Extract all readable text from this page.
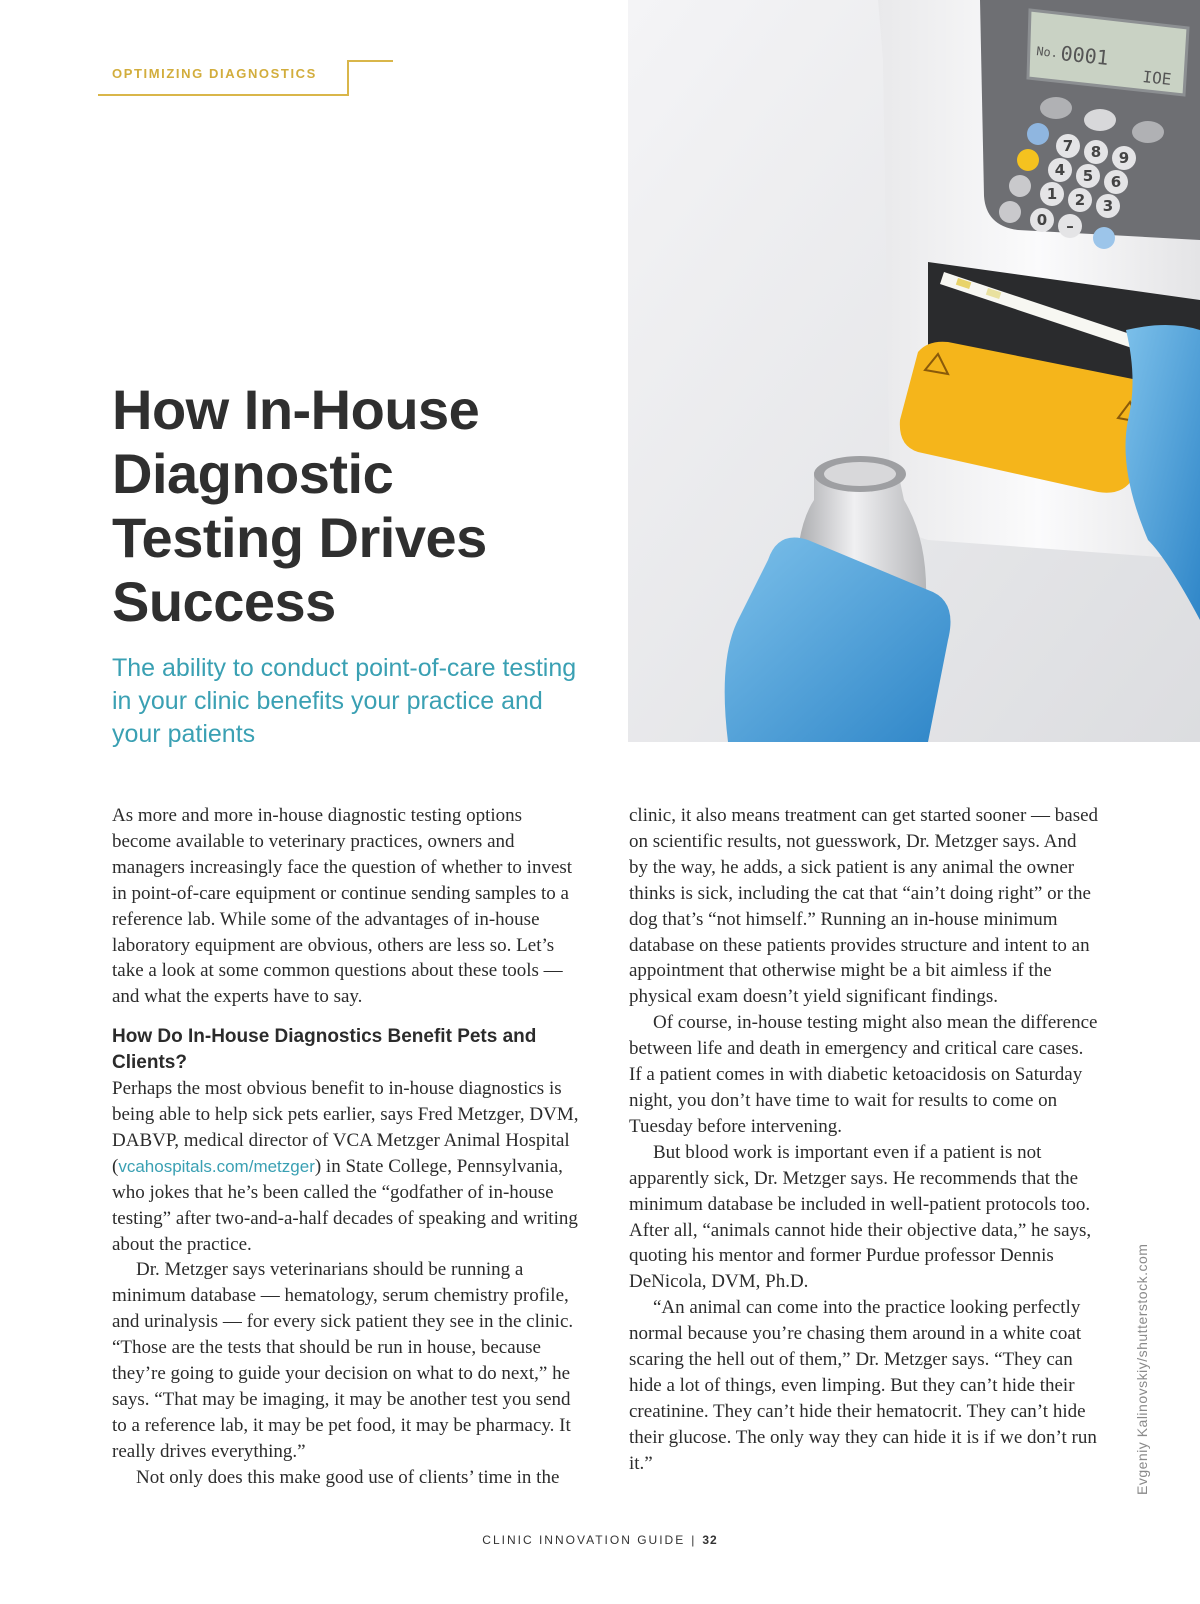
OPTIMIZING DIAGNOSTICS
No. 0001
IOE
7 8 9
4 5 6
1 2 3
0 –
How In-House Diagnostic Testing Drives Success

The ability to conduct point-of-care testing in your clinic benefits your practice and your patients

As more and more in-house diagnostic testing options become available to veterinary practices, owners and managers increasingly face the question of whether to invest in point-of-care equipment or continue sending samples to a reference lab. While some of the advantages of in-house laboratory equipment are obvious, others are less so. Let’s take a look at some common questions about these tools — and what the experts have to say.

How Do In-House Diagnostics Benefit Pets and Clients?

Perhaps the most obvious benefit to in-house diagnostics is being able to help sick pets earlier, says Fred Metzger, DVM, DABVP, medical director of VCA Metzger Animal Hospital (vcahospitals.com/metzger) in State College, Pennsylvania, who jokes that he’s been called the “godfather of in-house testing” after two-and-a-half decades of speaking and writing about the practice.

Dr. Metzger says veterinarians should be running a minimum database — hematology, serum chemistry profile, and urinalysis — for every sick patient they see in the clinic. “Those are the tests that should be run in house, because they’re going to guide your decision on what to do next,” he says. “That may be imaging, it may be another test you send to a reference lab, it may be pet food, it may be pharmacy. It really drives everything.”

Not only does this make good use of clients’ time in the

clinic, it also means treatment can get started sooner — based on scientific results, not guesswork, Dr. Metzger says. And by the way, he adds, a sick patient is any animal the owner thinks is sick, including the cat that “ain’t doing right” or the dog that’s “not himself.” Running an in-house minimum database on these patients provides structure and intent to an appointment that otherwise might be a bit aimless if the physical exam doesn’t yield significant findings.

Of course, in-house testing might also mean the difference between life and death in emergency and critical care cases. If a patient comes in with diabetic ketoacidosis on Saturday night, you don’t have time to wait for results to come on Tuesday before intervening.

But blood work is important even if a patient is not apparently sick, Dr. Metzger says. He recommends that the minimum database be included in well-patient protocols too. After all, “animals cannot hide their objective data,” he says, quoting his mentor and former Purdue professor Dennis DeNicola, DVM, Ph.D.

“An animal can come into the practice looking perfectly normal because you’re chasing them around in a white coat scaring the hell out of them,” Dr. Metzger says. “They can hide a lot of things, even limping. But they can’t hide their creatinine. They can’t hide their hematocrit. They can’t hide their glucose. The only way they can hide it is if we don’t run it.”	Evgeniy Kalinovskiy/shutterstock.com
CLINIC INNOVATION GUIDE | 32
